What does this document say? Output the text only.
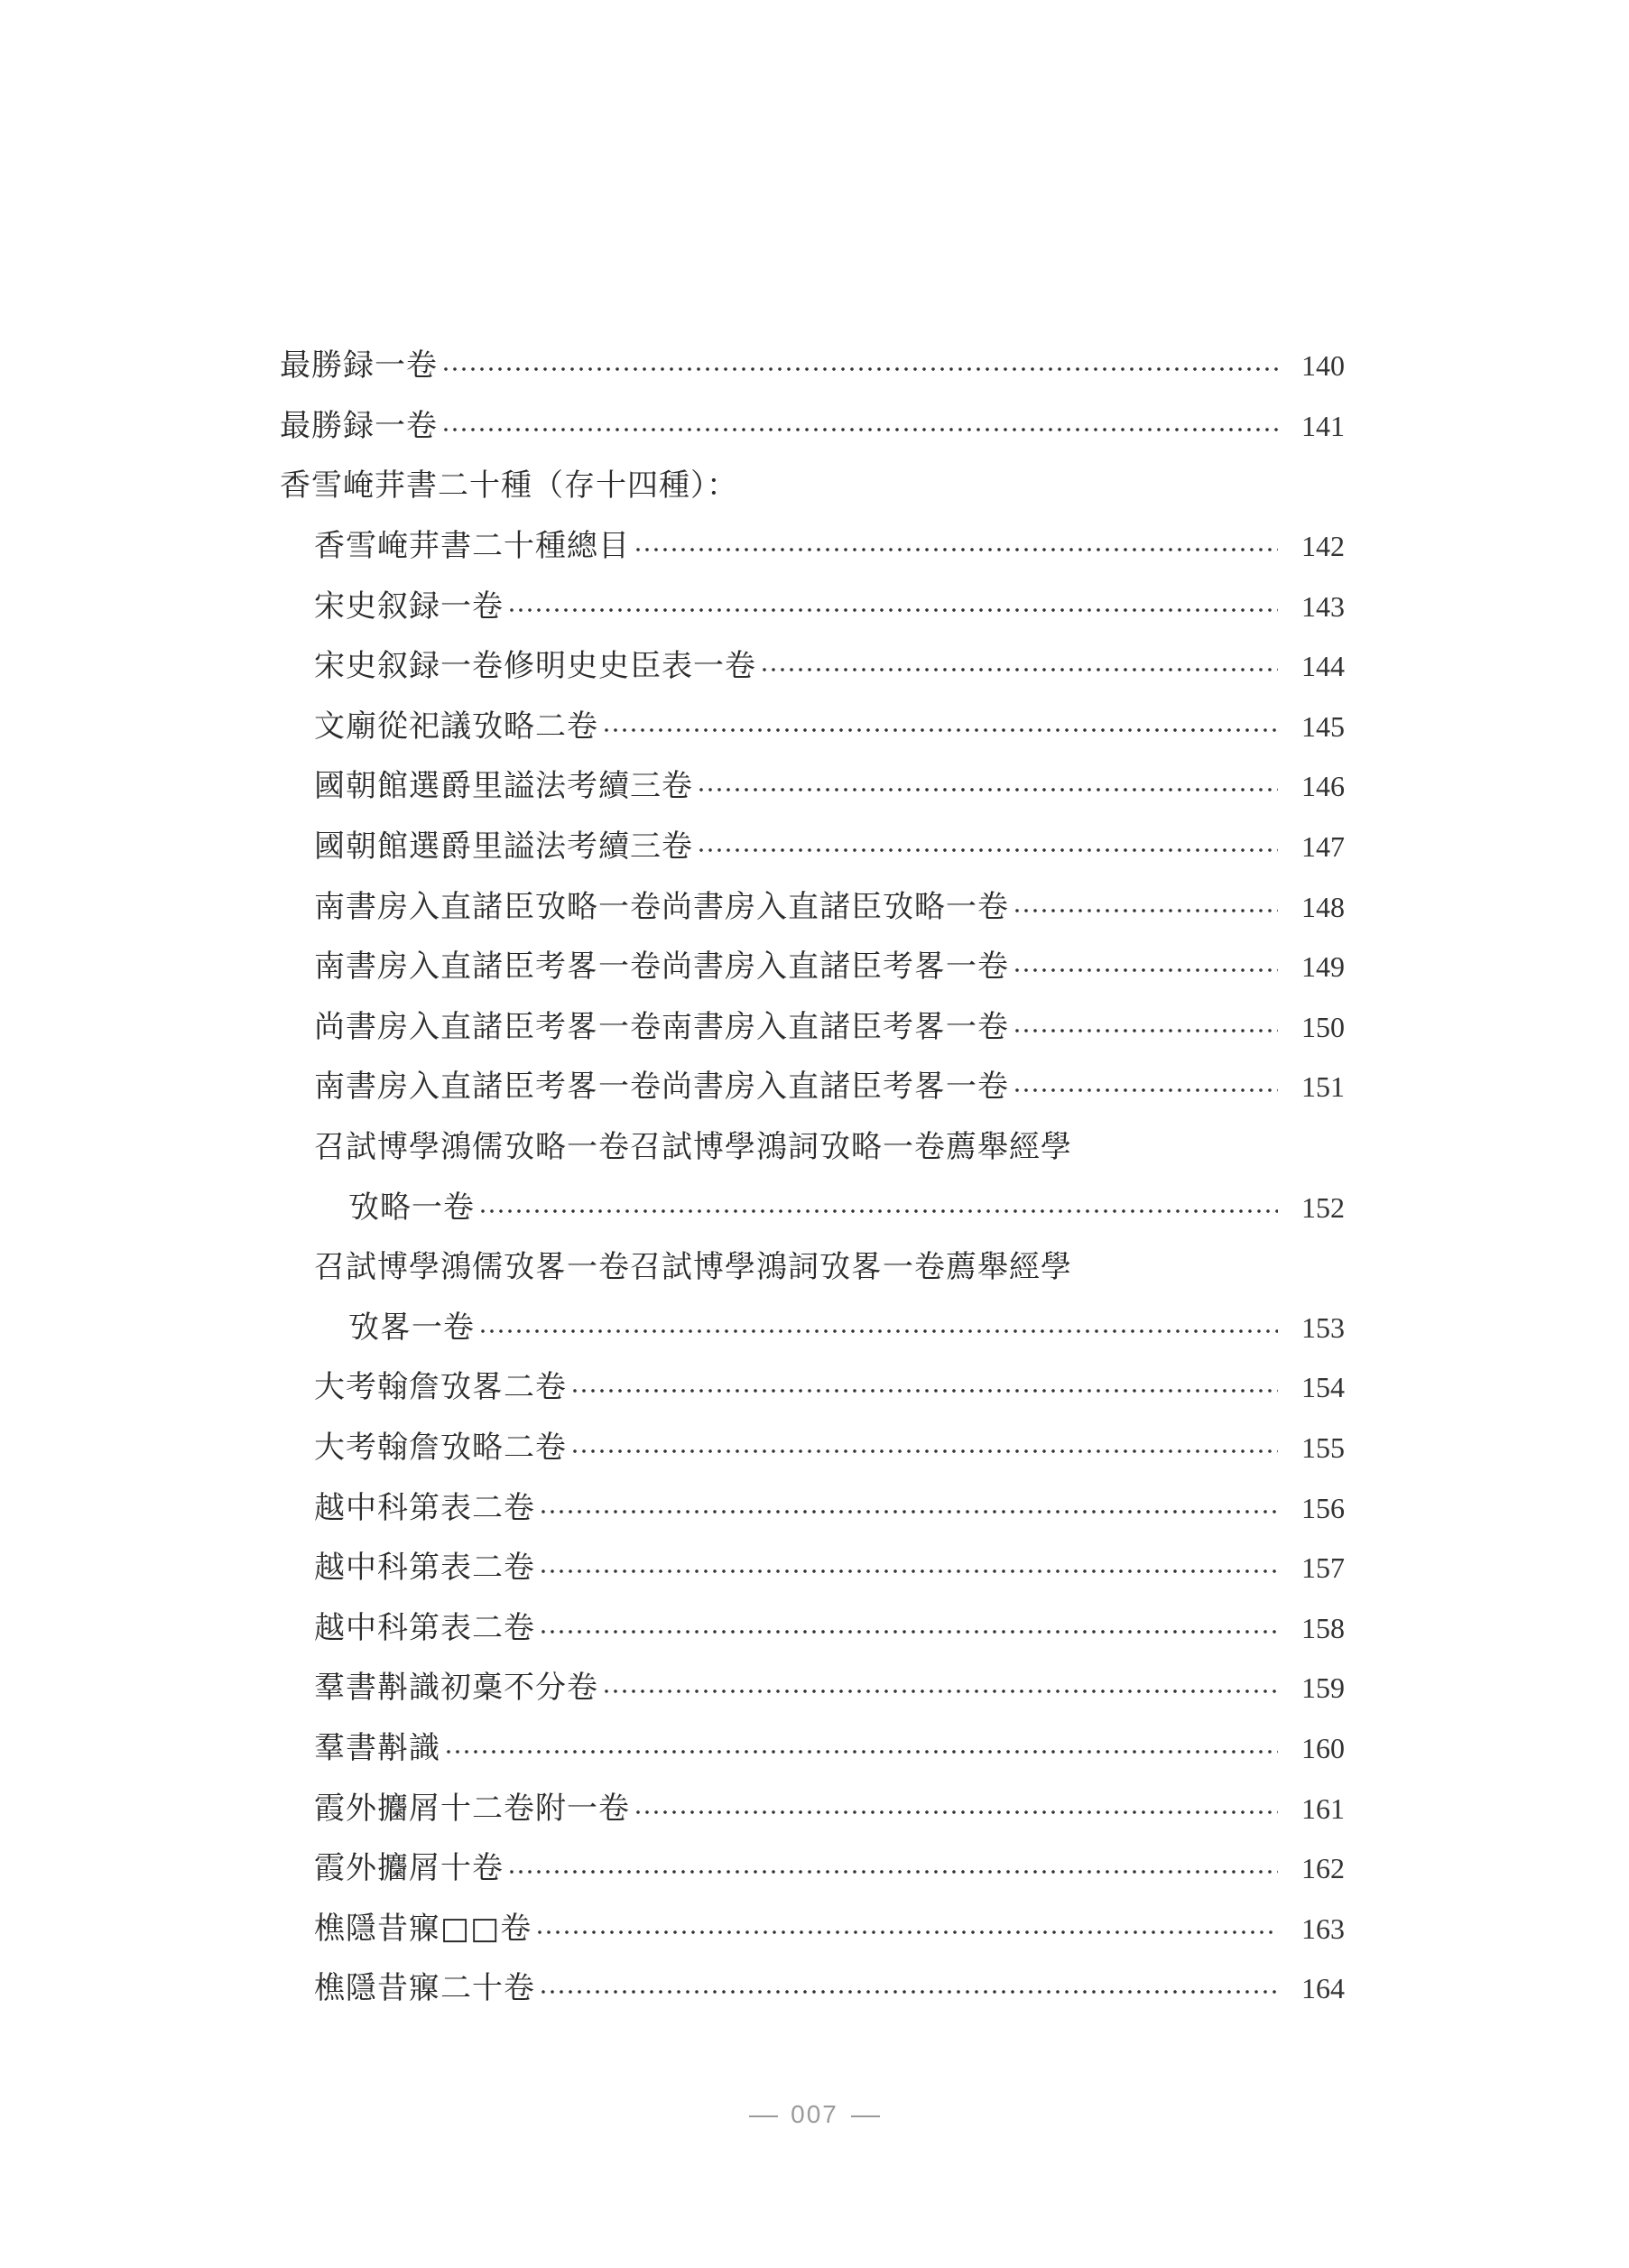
最勝録一卷	140
最勝録一卷	141
香雪崦茾書二十種（存十四種）：
香雪崦茾書二十種總目	142
宋史叙録一卷	143
宋史叙録一卷修明史史臣表一卷	144
文廟從祀議攷略二卷	145
國朝館選爵里謚法考續三卷	146
國朝館選爵里謚法考續三卷	147
南書房入直諸臣攷略一卷尚書房入直諸臣攷略一卷	148
南書房入直諸臣考畧一卷尚書房入直諸臣考畧一卷	149
尚書房入直諸臣考畧一卷南書房入直諸臣考畧一卷	150
南書房入直諸臣考畧一卷尚書房入直諸臣考畧一卷	151
召試博學鴻儒攷略一卷召試博學鴻詞攷略一卷薦舉經學
攷略一卷	152
召試博學鴻儒攷畧一卷召試博學鴻詞攷畧一卷薦舉經學
攷畧一卷	153
大考翰詹攷畧二卷	154
大考翰詹攷略二卷	155
越中科第表二卷	156
越中科第表二卷	157
越中科第表二卷	158
羣書斠識初稾不分卷	159
羣書斠識	160
霞外攟屑十二卷附一卷	161
霞外攟屑十卷	162
樵隱昔寱□□卷	163
樵隱昔寱二十卷	164
007
